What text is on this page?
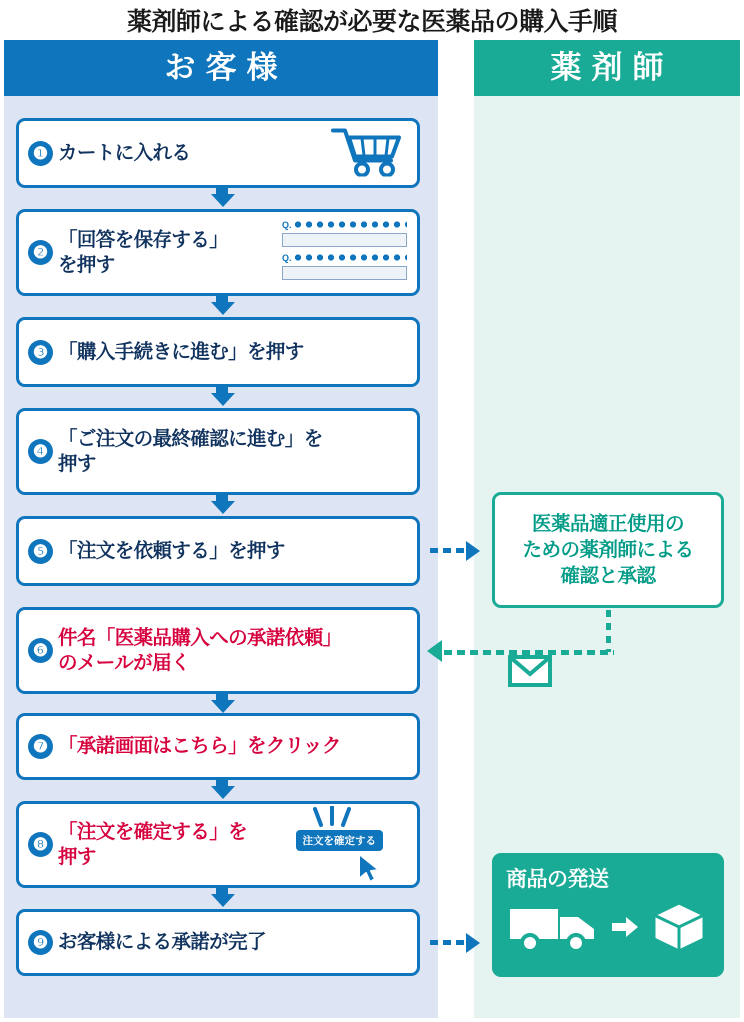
薬剤師による確認が必要な医薬品の購入手順
お客様	薬剤師
❶ カートに入れる
❷
「回答を保存する」
を押す
Q.
Q.
❸ 「購入手続きに進む」を押す
❹
「ご注文の最終確認に進む」を
押す
❺ 「注文を依頼する」を押す
医薬品適正使用の
ための薬剤師による
確認と承認
❻
件名「医薬品購入への承諾依頼」
のメールが届く
❼ 「承諾画面はこちら」をクリック
❽
「注文を確定する」を
押す
注文を確定する
❾ お客様による承諾が完了
商品の発送
